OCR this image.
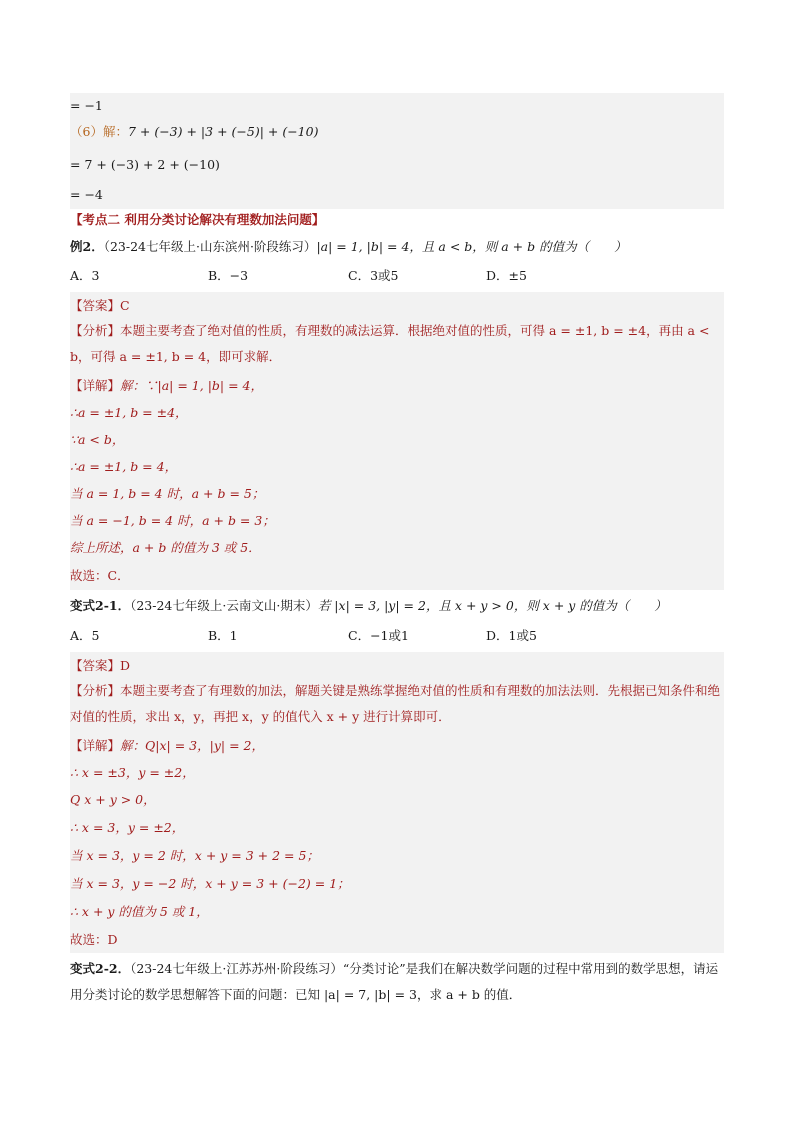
= −1
（6）解：7 + (−3) + |3 + (−5)| + (−10)
= 7 + (−3) + 2 + (−10)
= −4
【考点二 利用分类讨论解决有理数加法问题】
例2．（23-24七年级上·山东滨州·阶段练习）|a| = 1, |b| = 4，且 a < b，则 a + b 的值为（　　）
A．3	B．−3	C．3或5	D．±5
【答案】C
【分析】本题主要考查了绝对值的性质，有理数的减法运算．根据绝对值的性质，可得 a = ±1, b = ±4，再由 a < b，可得 a = ±1, b = 4，即可求解．
【详解】解：∵|a| = 1, |b| = 4，
∴a = ±1, b = ±4，
∵a < b，
∴a = ±1, b = 4，
当 a = 1, b = 4 时，a + b = 5；
当 a = −1, b = 4 时，a + b = 3；
综上所述，a + b 的值为 3 或 5．
故选：C．
变式2-1．（23-24七年级上·云南文山·期末）若 |x| = 3, |y| = 2，且 x + y > 0，则 x + y 的值为（　　）
A．5	B．1	C．−1或1	D．1或5
【答案】D
【分析】本题主要考查了有理数的加法，解题关键是熟练掌握绝对值的性质和有理数的加法法则．先根据已知条件和绝对值的性质，求出 x，y，再把 x，y 的值代入 x + y 进行计算即可．
【详解】解：Q|x| = 3，|y| = 2，
∴ x = ±3，y = ±2，
Q x + y > 0，
∴ x = 3，y = ±2，
当 x = 3，y = 2 时，x + y = 3 + 2 = 5；
当 x = 3，y = −2 时，x + y = 3 + (−2) = 1；
∴ x + y 的值为 5 或 1，
故选：D
变式2-2．（23-24七年级上·江苏苏州·阶段练习）“分类讨论”是我们在解决数学问题的过程中常用到的数学思想，请运用分类讨论的数学思想解答下面的问题：已知 |a| = 7, |b| = 3，求 a + b 的值．
